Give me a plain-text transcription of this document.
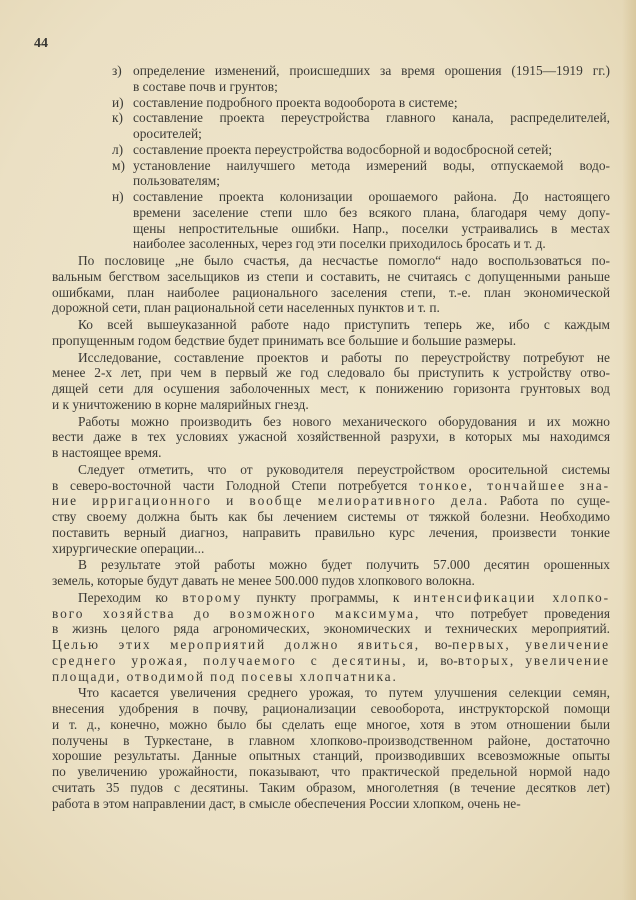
44
з) определение изменений, происшедших за время орошения (1915—1919 гг.)
в составе почв и грунтов;
и) составление подробного проекта водооборота в системе;
к) составление проекта переустройства главного канала, распределителей,
оросителей;
л) составление проекта переустройства водосборной и водосбросной сетей;
м) установление наилучшего метода измерений воды, отпускаемой водо-
пользователям;
н) составление проекта колонизации орошаемого района. До настоящего
времени заселение степи шло без всякого плана, благодаря чему допу-
щены непростительные ошибки. Напр., поселки устраивались в местах
наиболее засоленных, через год эти поселки приходилось бросать и т. д.
По пословице „не было счастья, да несчастье помогло“ надо воспользоваться по-
вальным бегством засельщиков из степи и составить, не считаясь с допущенными раньше
ошибками, план наиболее рационального заселения степи, т.-е. план экономической
дорожной сети, план рациональной сети населенных пунктов и т. п.
Ко всей вышеуказанной работе надо приступить теперь же, ибо с каждым
пропущенным годом бедствие будет принимать все большие и большие размеры.
Исследование, составление проектов и работы по переустройству потребуют не
менее 2-х лет, при чем в первый же год следовало бы приступить к устройству отво-
дящей сети для осушения заболоченных мест, к понижению горизонта грунтовых вод
и к уничтожению в корне малярийных гнезд.
Работы можно производить без нового механического оборудования и их можно
вести даже в тех условиях ужасной хозяйственной разрухи, в которых мы находимся
в настоящее время.
Следует отметить, что от руководителя переустройством оросительной системы
в северо-восточной части Голодной Степи потребуется тонкое, тончайшее зна-
ние ирригационного и вообще мелиоративного дела. Работа по суще-
ству своему должна быть как бы лечением системы от тяжкой болезни. Необходимо
поставить верный диагноз, направить правильно курс лечения, произвести тонкие
хирургические операции...
В результате этой работы можно будет получить 57.000 десятин орошенных
земель, которые будут давать не менее 500.000 пудов хлопкового волокна.
Переходим ко второму пункту программы, к интенсификации хлопко-
вого хозяйства до возможного максимума, что потребует проведения
в жизнь целого ряда агрономических, экономических и технических мероприятий.
Целью этих мероприятий должно явиться, во-первых, увеличение
среднего урожая, получаемого с десятины, и, во-вторых, увеличение
площади, отводимой под посевы хлопчатника.
Что касается увеличения среднего урожая, то путем улучшения селекции семян,
внесения удобрения в почву, рационализации севооборота, инструкторской помощи
и т. д., конечно, можно было бы сделать еще многое, хотя в этом отношении были
получены в Туркестане, в главном хлопково-производственном районе, достаточно
хорошие результаты. Данные опытных станций, производивших всевозможные опыты
по увеличению урожайности, показывают, что практической предельной нормой надо
считать 35 пудов с десятины. Таким образом, многолетняя (в течение десятков лет)
работа в этом направлении даст, в смысле обеспечения России хлопком, очень не-
